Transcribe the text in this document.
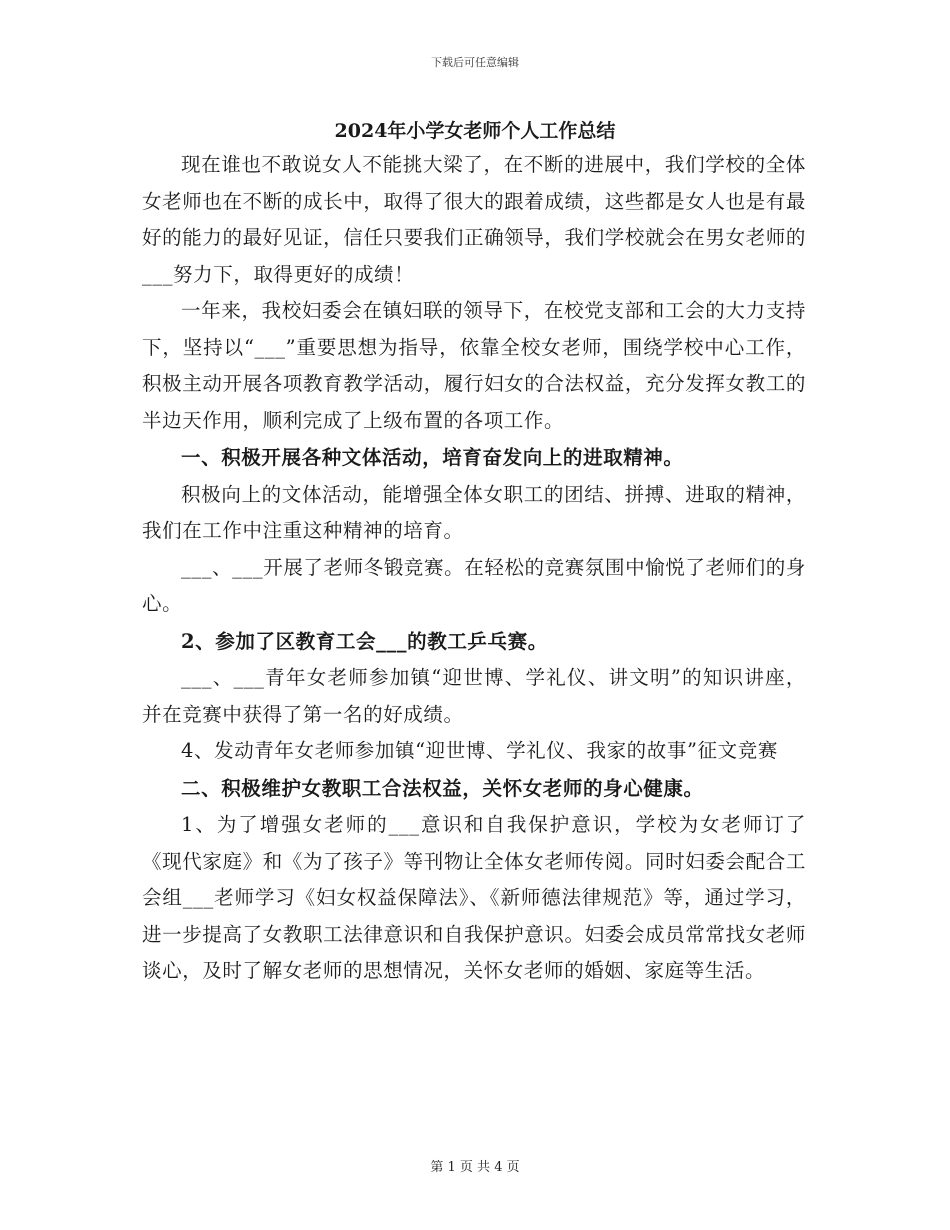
下载后可任意编辑
2024年小学女老师个人工作总结

现在谁也不敢说女人不能挑大梁了，在不断的进展中，我们学校的全体女老师也在不断的成长中，取得了很大的跟着成绩，这些都是女人也是有最好的能力的最好见证，信任只要我们正确领导，我们学校就会在男女老师的___努力下，取得更好的成绩！

一年来，我校妇委会在镇妇联的领导下，在校党支部和工会的大力支持下，坚持以“___”重要思想为指导，依靠全校女老师，围绕学校中心工作，积极主动开展各项教育教学活动，履行妇女的合法权益，充分发挥女教工的半边天作用，顺利完成了上级布置的各项工作。

一、积极开展各种文体活动，培育奋发向上的进取精神。

积极向上的文体活动，能增强全体女职工的团结、拼搏、进取的精神，我们在工作中注重这种精神的培育。

___、___开展了老师冬锻竞赛。在轻松的竞赛氛围中愉悦了老师们的身心。

2、参加了区教育工会___的教工乒乓赛。

___、___青年女老师参加镇“迎世博、学礼仪、讲文明”的知识讲座，并在竞赛中获得了第一名的好成绩。

4、发动青年女老师参加镇“迎世博、学礼仪、我家的故事”征文竞赛

二、积极维护女教职工合法权益，关怀女老师的身心健康。

1、为了增强女老师的___意识和自我保护意识，学校为女老师订了《现代家庭》和《为了孩子》等刊物让全体女老师传阅。同时妇委会配合工会组___老师学习《妇女权益保障法》、《新师德法律规范》等，通过学习，进一步提高了女教职工法律意识和自我保护意识。妇委会成员常常找女老师谈心，及时了解女老师的思想情况，关怀女老师的婚姻、家庭等生活。

第 1 页 共 4 页
